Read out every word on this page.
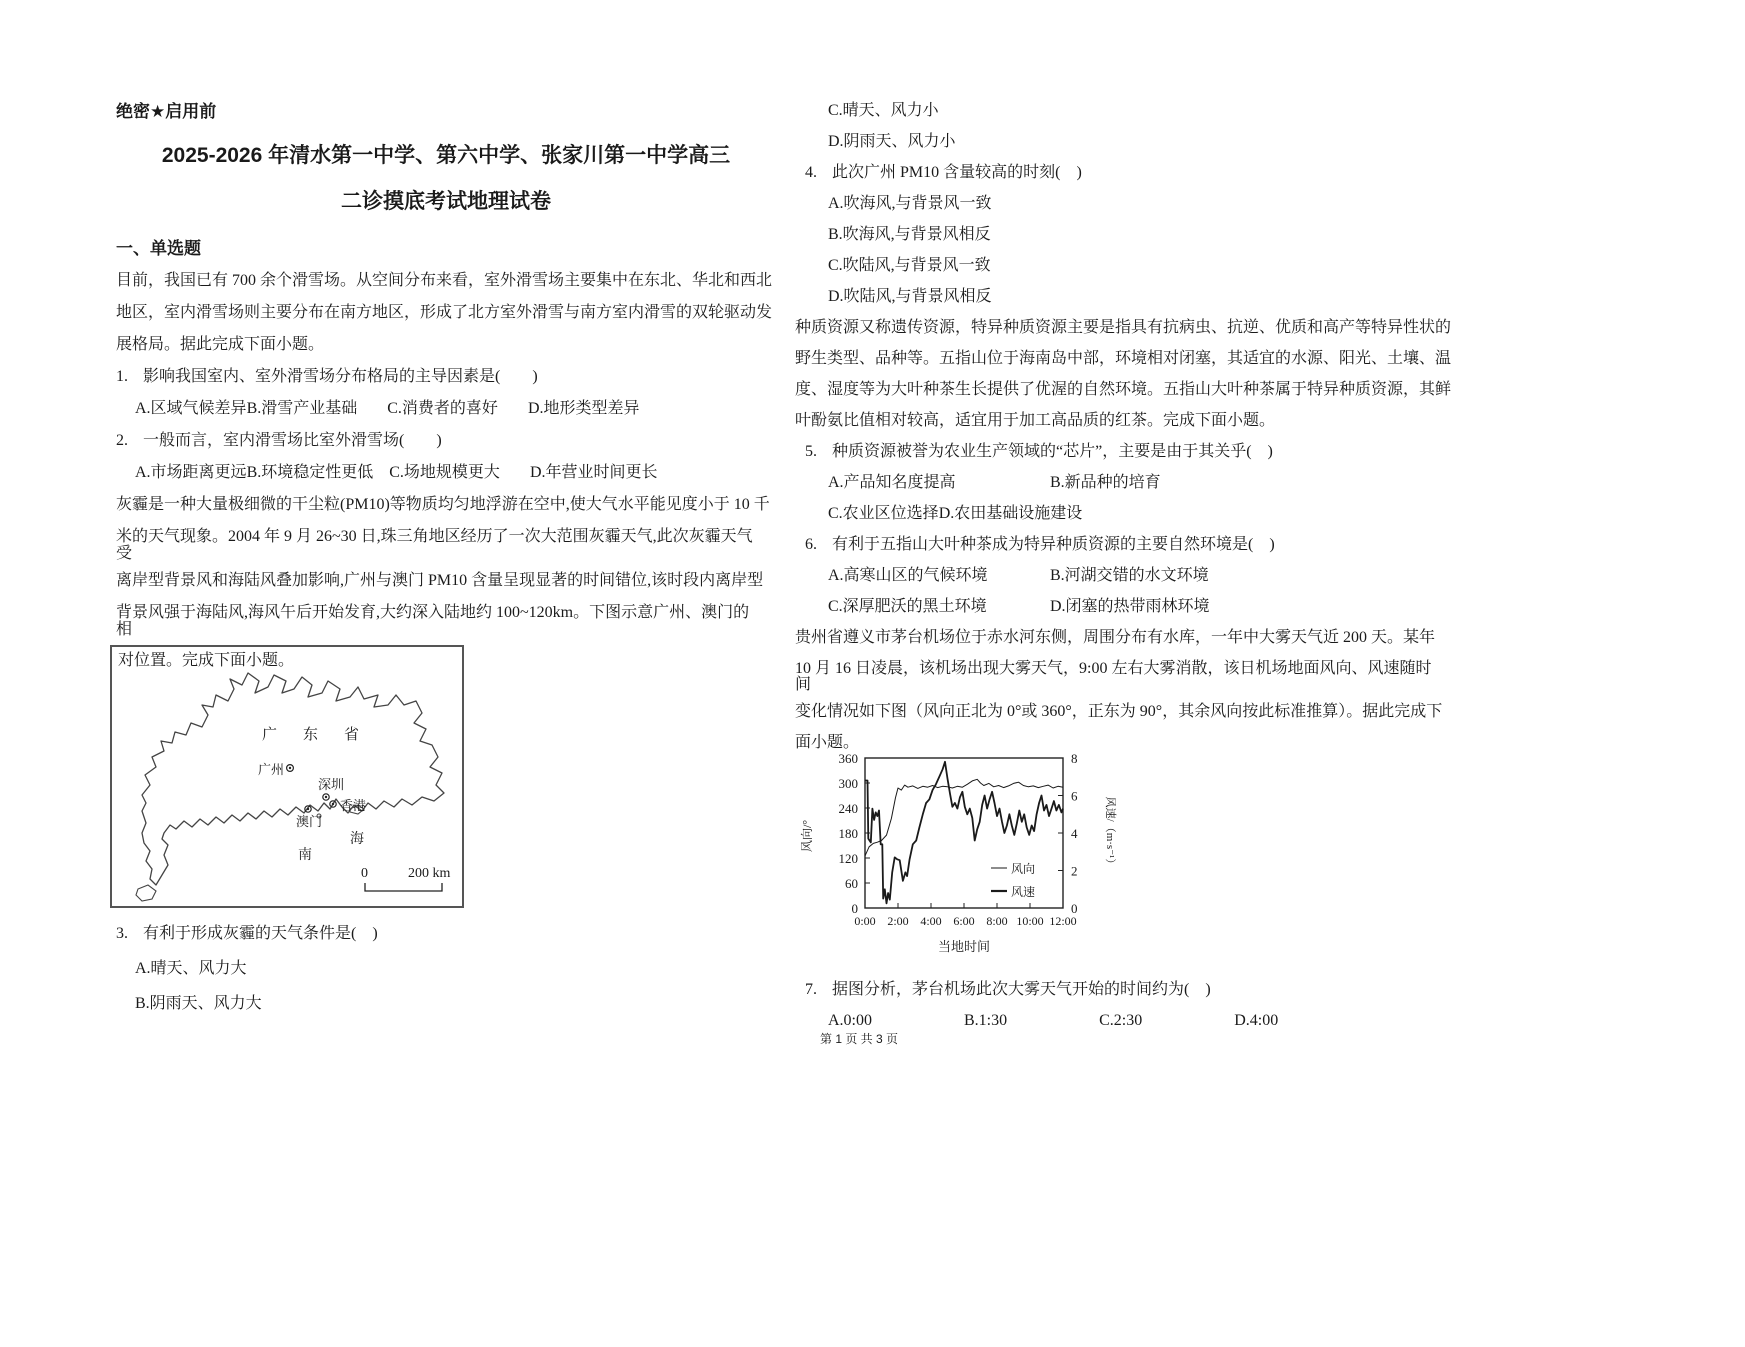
绝密★启用前
2025-2026 年清水第一中学、第六中学、张家川第一中学高三
二诊摸底考试地理试卷
一、单选题
目前，我国已有 700 余个滑雪场。从空间分布来看，室外滑雪场主要集中在东北、华北和西北
地区，室内滑雪场则主要分布在南方地区，形成了北方室外滑雪与南方室内滑雪的双轮驱动发
展格局。据此完成下面小题。
1. 影响我国室内、室外滑雪场分布格局的主导因素是(　　)
A.区域气候差异 B.滑雪产业基础 C.消费者的喜好 D.地形类型差异
2. 一般而言，室内滑雪场比室外滑雪场(　　)
A.市场距离更远 B.环境稳定性更低 C.场地规模更大 D.年营业时间更长
灰霾是一种大量极细微的干尘粒(PM10)等物质均匀地浮游在空中,使大气水平能见度小于 10 千
米的天气现象。2004 年 9 月 26~30 日,珠三角地区经历了一次大范围灰霾天气,此次灰霾天气
受
离岸型背景风和海陆风叠加影响,广州与澳门 PM10 含量呈现显著的时间错位,该时段内离岸型
背景风强于海陆风,海风午后开始发育,大约深入陆地约 100~120km。下图示意广州、澳门的
相
对位置。完成下面小题。
广东省
广州
深圳
香港
澳门
海
南
0	200 km
3. 有利于形成灰霾的天气条件是(　)
A.晴天、风力大
B.阴雨天、风力大
C.晴天、风力小
D.阴雨天、风力小
4. 此次广州 PM10 含量较高的时刻(　)
A.吹海风,与背景风一致
B.吹海风,与背景风相反
C.吹陆风,与背景风一致
D.吹陆风,与背景风相反
种质资源又称遗传资源，特异种质资源主要是指具有抗病虫、抗逆、优质和高产等特异性状的
野生类型、品种等。五指山位于海南岛中部，环境相对闭塞，其适宜的水源、阳光、土壤、温
度、湿度等为大叶种茶生长提供了优渥的自然环境。五指山大叶种茶属于特异种质资源，其鲜
叶酚氨比值相对较高，适宜用于加工高品质的红茶。完成下面小题。
5. 种质资源被誉为农业生产领域的“芯片”，主要是由于其关乎(　)
A.产品知名度提高	B.新品种的培育
C.农业区位选择 D.农田基础设施建设
6. 有利于五指山大叶种茶成为特异种质资源的主要自然环境是(　)
A.高寒山区的气候环境	B.河湖交错的水文环境
C.深厚肥沃的黑土环境	D.闭塞的热带雨林环境
贵州省遵义市茅台机场位于赤水河东侧，周围分布有水库，一年中大雾天气近 200 天。某年
10 月 16 日凌晨，该机场出现大雾天气，9:00 左右大雾消散，该日机场地面风向、风速随时
间
变化情况如下图（风向正北为 0°或 360°，正东为 90°，其余风向按此标准推算）。据此完成下
面小题。
风向/°	风速/（m·s⁻¹）
当地时间
风向
风速
360
300
240
180
120
60
0
8
6
4
2
0
0:00 2:00 4:00 6:00 8:00 10:00 12:00
7. 据图分析，茅台机场此次大雾天气开始的时间约为(　)
A.0:00	B.1:30	C.2:30	D.4:00
第 1 页 共 3 页
